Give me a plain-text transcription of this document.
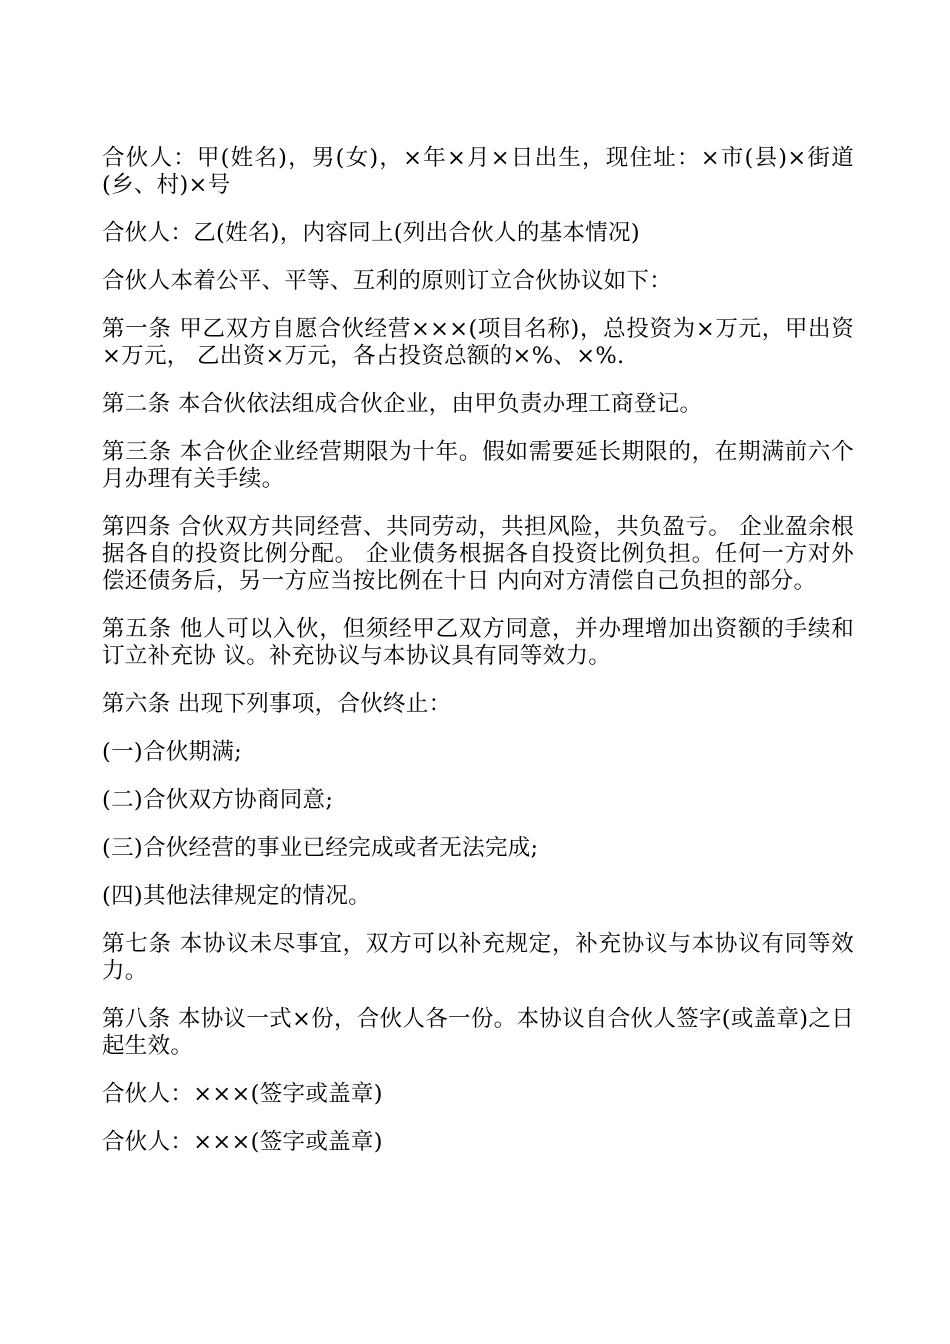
合伙人：甲(姓名)，男(女)，×年×月×日出生，现住址：×市(县)×街道(乡、村)×号

合伙人：乙(姓名)，内容同上(列出合伙人的基本情况)

合伙人本着公平、平等、互利的原则订立合伙协议如下：

第一条 甲乙双方自愿合伙经营×××(项目名称)，总投资为×万元，甲出资×万元， 乙出资×万元，各占投资总额的×%、×%.

第二条 本合伙依法组成合伙企业，由甲负责办理工商登记。

第三条 本合伙企业经营期限为十年。假如需要延长期限的，在期满前六个月办理有关手续。

第四条 合伙双方共同经营、共同劳动，共担风险，共负盈亏。 企业盈余根据各自的投资比例分配。 企业债务根据各自投资比例负担。任何一方对外偿还债务后，另一方应当按比例在十日 内向对方清偿自己负担的部分。

第五条 他人可以入伙，但须经甲乙双方同意，并办理增加出资额的手续和订立补充协 议。补充协议与本协议具有同等效力。

第六条 出现下列事项，合伙终止：

(一)合伙期满;

(二)合伙双方协商同意;

(三)合伙经营的事业已经完成或者无法完成;

(四)其他法律规定的情况。

第七条 本协议未尽事宜，双方可以补充规定，补充协议与本协议有同等效力。

第八条 本协议一式×份，合伙人各一份。本协议自合伙人签字(或盖章)之日起生效。

合伙人：×××(签字或盖章)

合伙人：×××(签字或盖章)
